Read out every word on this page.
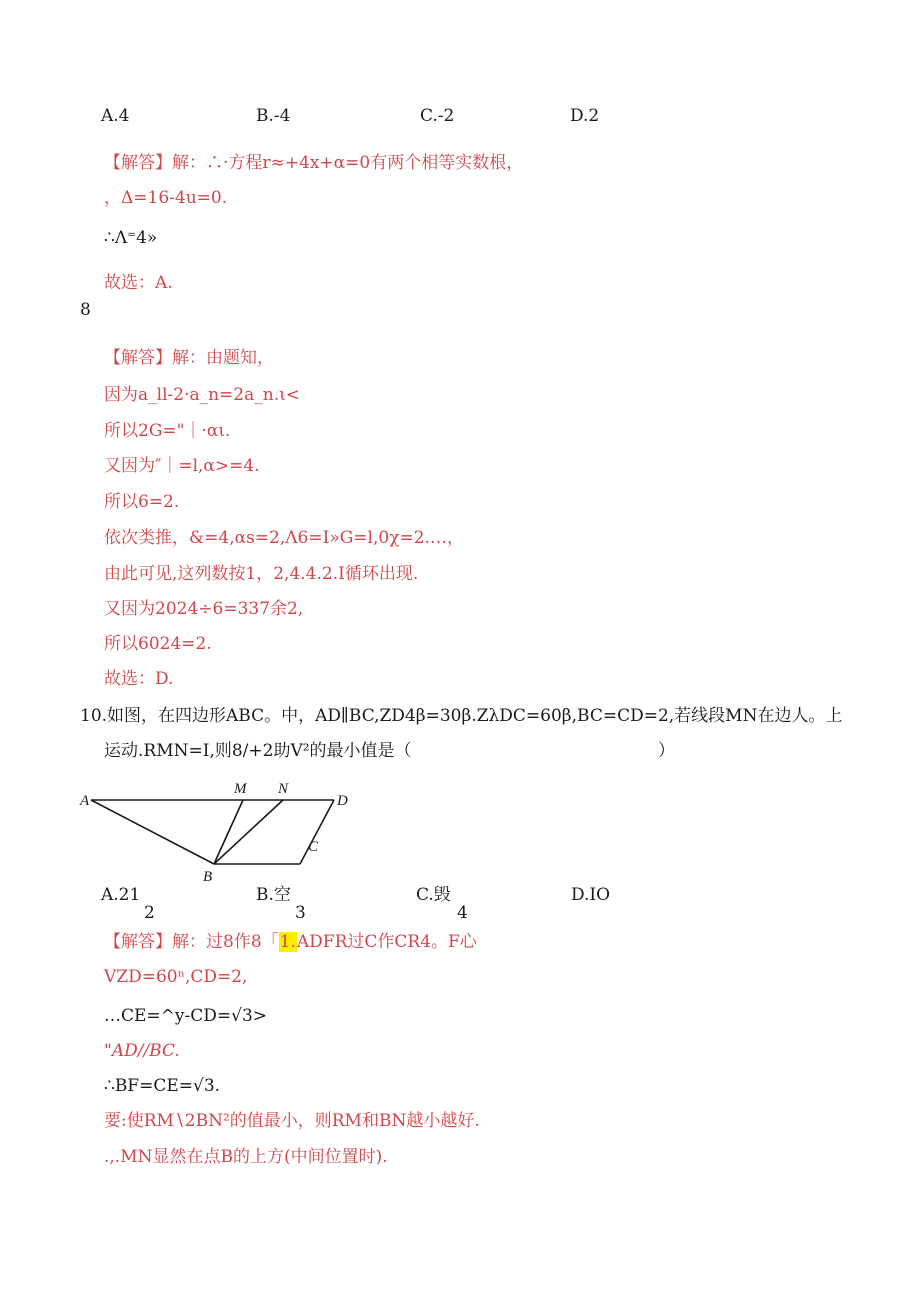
A.4	B.-4	C.-2	D.2
【解答】解：∴·方程r≈+4x+α=0有两个相等实数根，
，Δ=16-4u=0.
∴Λ⁼4»
故选：A.
8
【解答】解：由题知，
因为a_ll-2·a_n=2a_n.ι<
所以2G="｜·αι.
又因为″｜=l,α>=4.
所以6=2.
依次类推，&=4,αs=2,Λ6=I»G=l,0χ=2.…，
由此可见,这列数按1，2,4.4.2.I循环出现.
又因为2024÷6=337余2,
所以6024=2.
故选：D.
10.如图，在四边形ABC。中，AD∥BC,ZD4β=30β.ZλDC=60β,BC=CD=2,若线段MN在边人。上
运动.RMN=I,则8/+2助V²的最小值是（	）
A
M N
D
B
C
A.21
2
B.空
3
C.毁
4
D.IO
【解答】解：过8作8「1.ADFR过C作CR4。F心
VZD=60ⁿ,CD=2,
…CE=^y-CD=√3>
"AD//BC.
∴BF=CE=√3.
要:使RM∖2BN²的值最小，则RM和BN越小越好.
.,.MN显然在点B的上方(中间位置时).
